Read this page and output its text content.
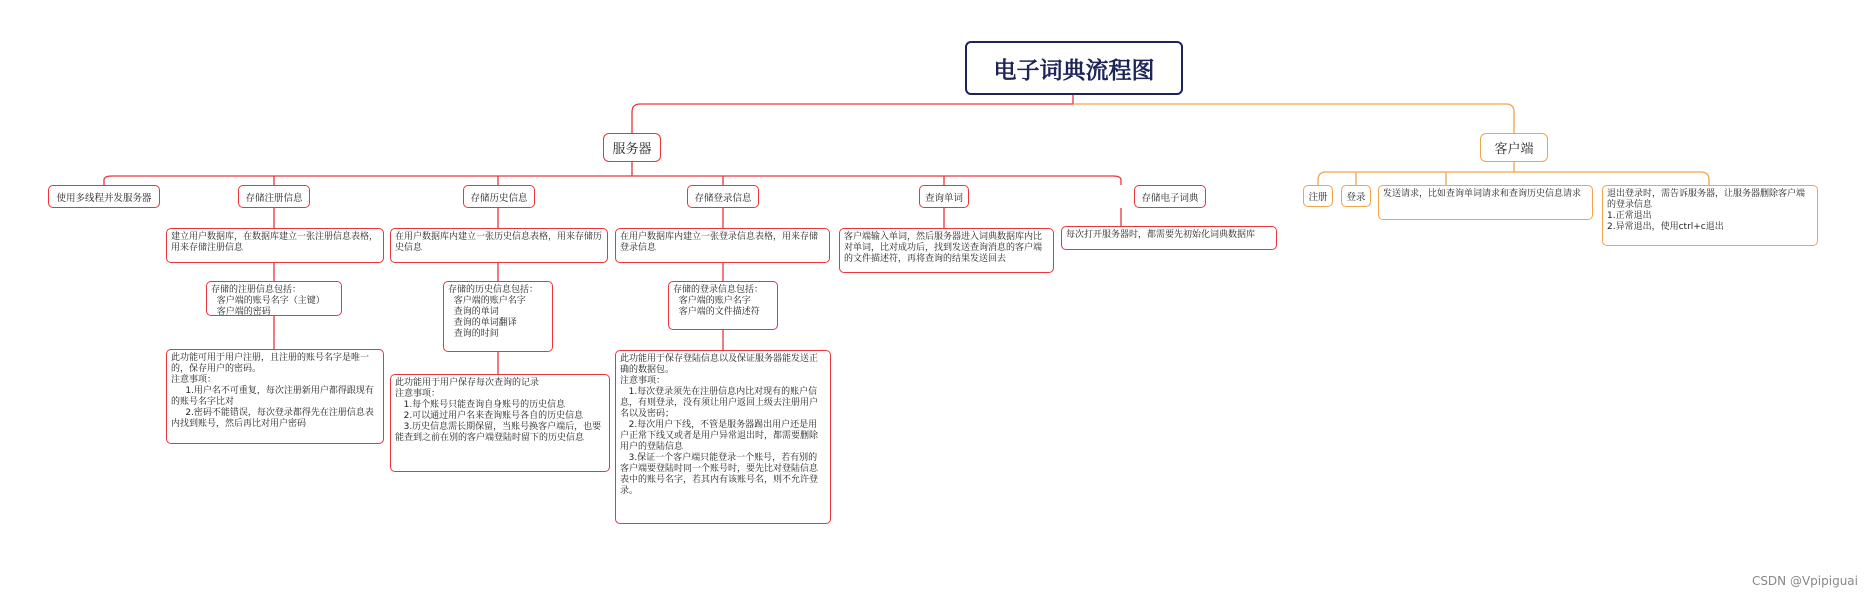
电子词典流程图
服务器	客户端
使用多线程并发服务器	存储注册信息	存储历史信息	存储登录信息	查询单词	存储电子词典
建立用户数据库，在数据库建立一张注册信息表格，用来存储注册信息
存储的注册信息包括：
客户端的账号名字（主键）
客户端的密码
此功能可用于用户注册，且注册的账号名字是唯一的，保存用户的密码。
注意事项：
1.用户名不可重复，每次注册新用户都得跟现有的账号名字比对
2.密码不能错误，每次登录都得先在注册信息表内找到账号，然后再比对用户密码
在用户数据库内建立一张历史信息表格，用来存储历史信息
存储的历史信息包括：
客户端的账户名字
查询的单词
查询的单词翻译
查询的时间
此功能用于用户保存每次查询的记录
注意事项：
1.每个账号只能查询自身账号的历史信息
2.可以通过用户名来查询账号各自的历史信息
3.历史信息需长期保留，当账号换客户端后，也要能查到之前在别的客户端登陆时留下的历史信息
在用户数据库内建立一张登录信息表格，用来存储登录信息
存储的登录信息包括：
客户端的账户名字
客户端的文件描述符
此功能用于保存登陆信息以及保证服务器能发送正确的数据包。
注意事项：
1.每次登录须先在注册信息内比对现有的账户信息，有则登录，没有须让用户返回上级去注册用户名以及密码；
2.每次用户下线，不管是服务器踢出用户还是用户正常下线又或者是用户异常退出时，都需要删除用户的登陆信息
3.保证一个客户端只能登录一个账号，若有别的客户端要登陆时同一个账号时，要先比对登陆信息表中的账号名字，若其内有该账号名，则不允许登录。
客户端输入单词，然后服务器进入词典数据库内比对单词，比对成功后，找到发送查询消息的客户端的文件描述符，再将查询的结果发送回去
每次打开服务器时，都需要先初始化词典数据库
注册	登录	发送请求，比如查询单词请求和查询历史信息请求	退出登录时，需告诉服务器，让服务器删除客户端的登录信息
1.正常退出
2.异常退出，使用ctrl+c退出
CSDN @Vpipiguai
